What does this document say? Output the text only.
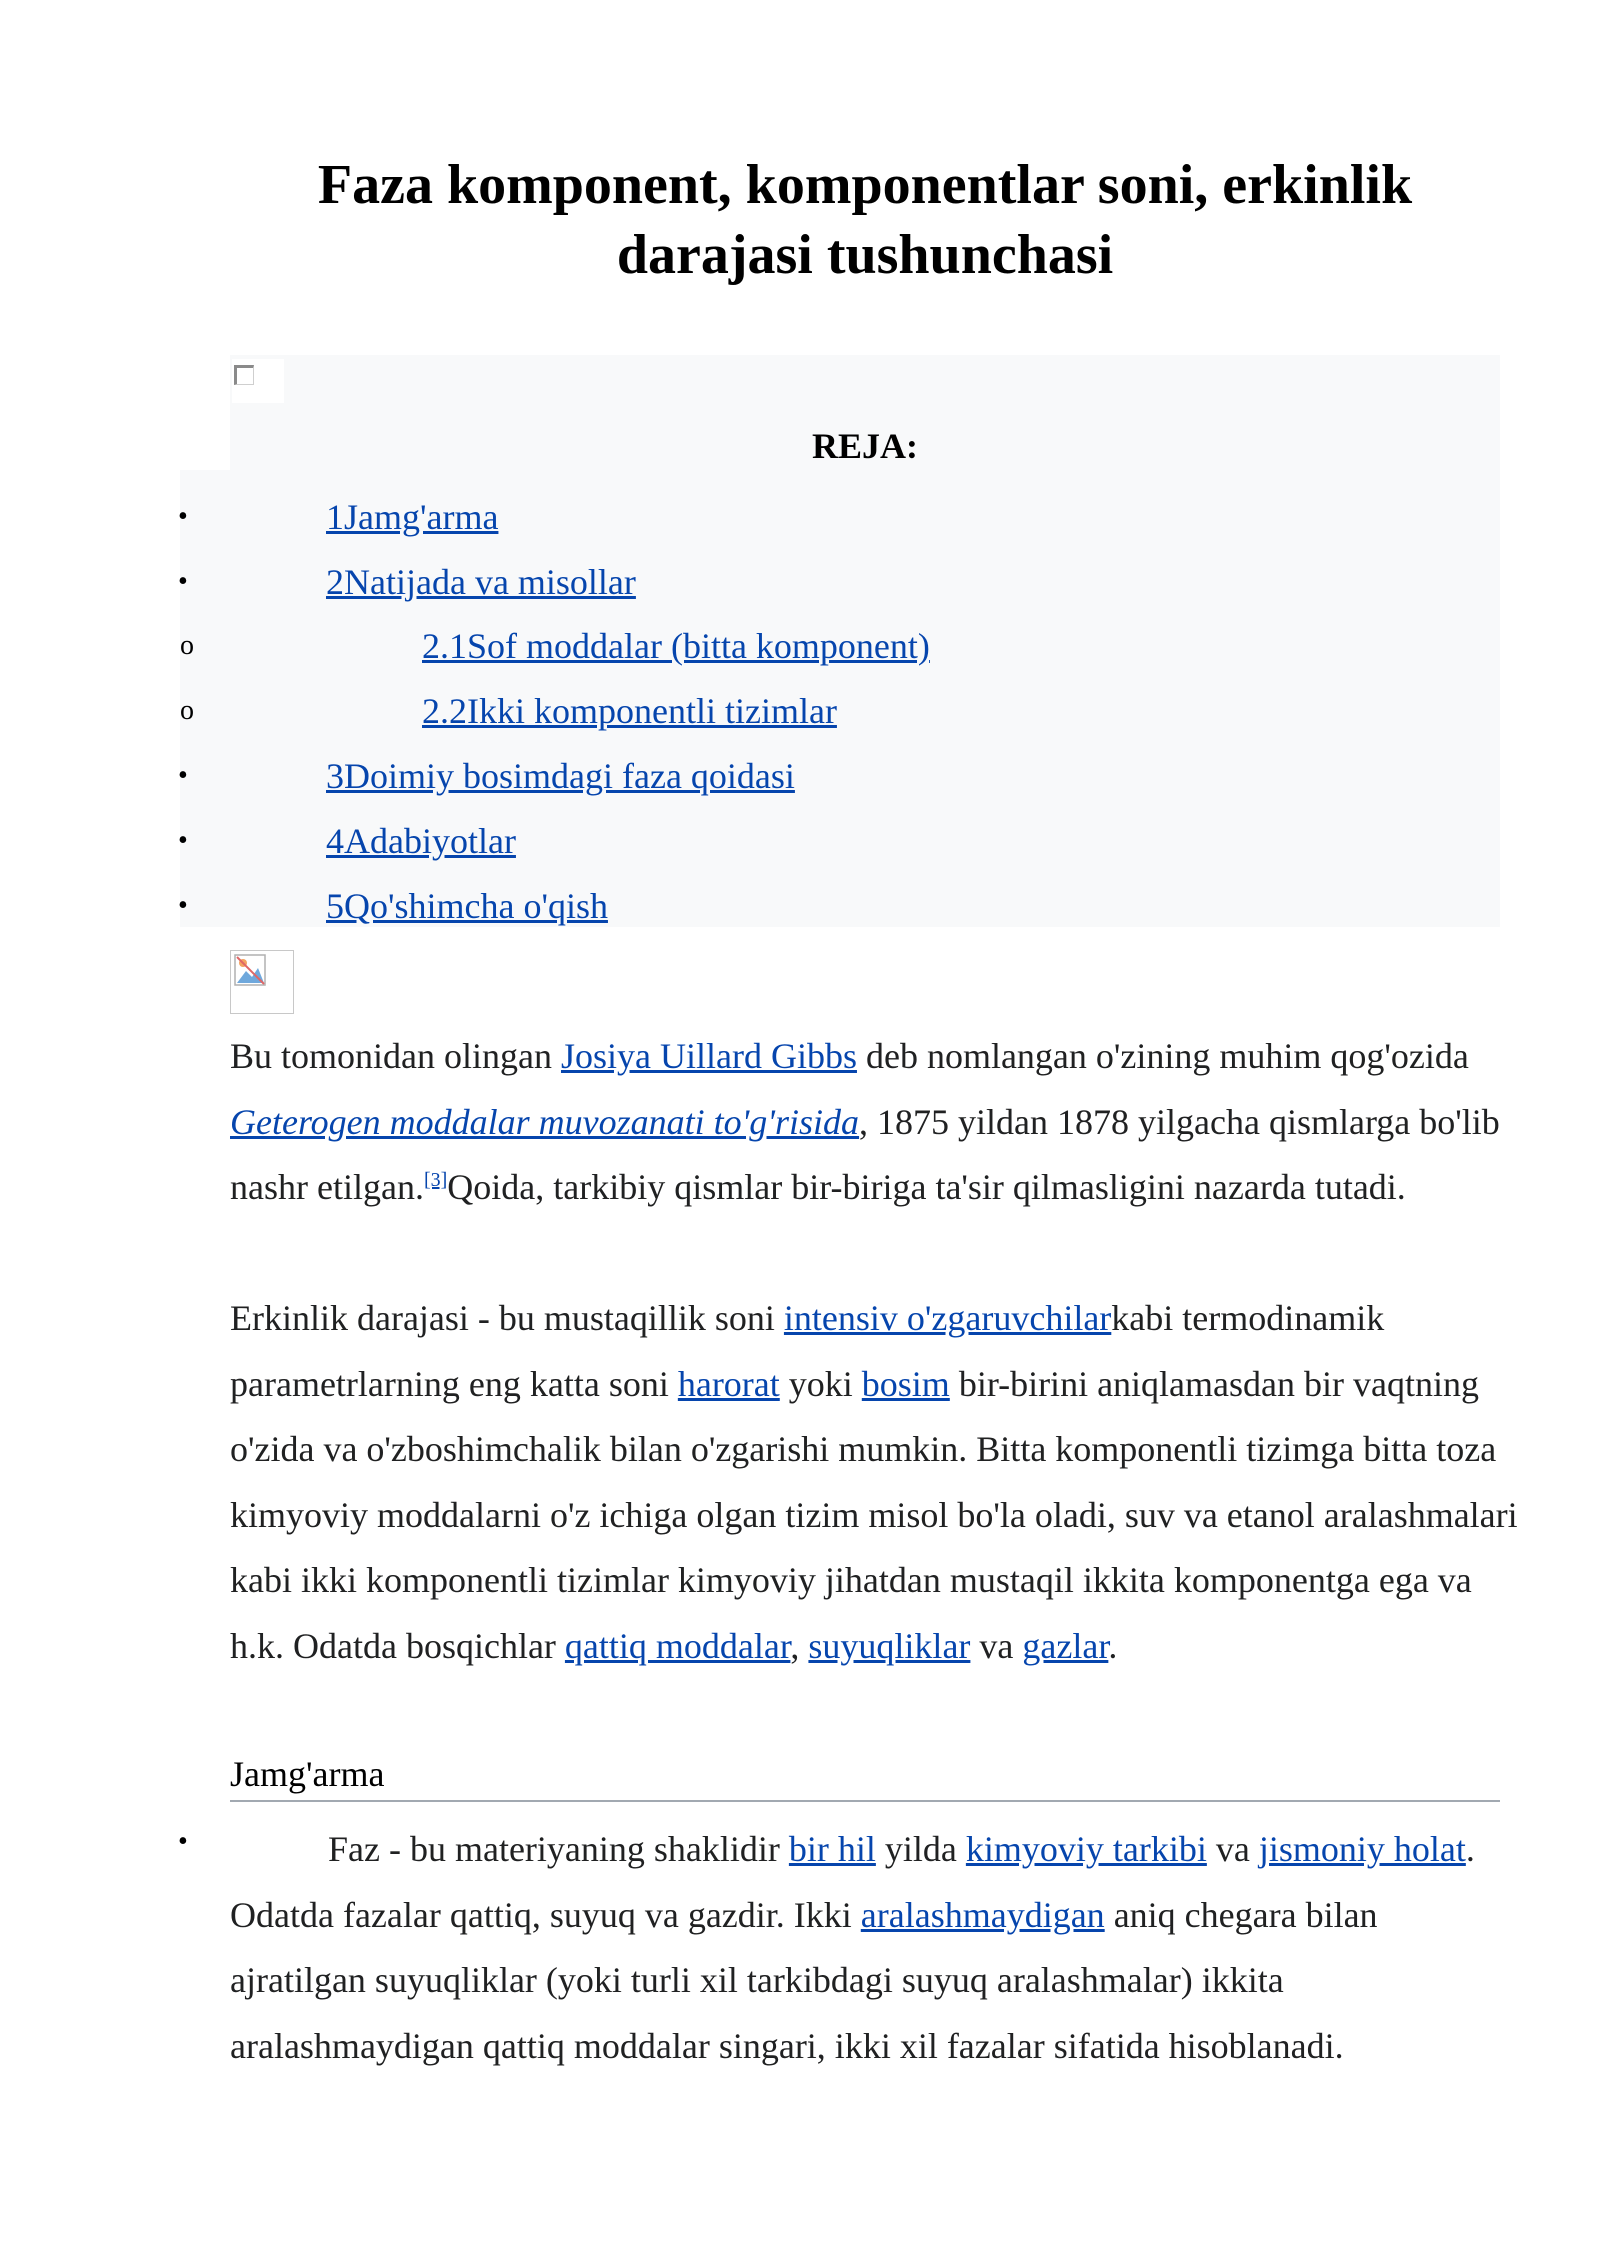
Faza komponent, komponentlar soni, erkinlik darajasi tushunchasi
REJA:
•	1Jamg'arma
•	2Natijada va misollar
o	2.1Sof moddalar (bitta komponent)
o	2.2Ikki komponentli tizimlar
•	3Doimiy bosimdagi faza qoidasi
•	4Adabiyotlar
•	5Qo'shimcha o'qish
Bu tomonidan olingan Josiya Uillard Gibbs deb nomlangan o'zining muhim qog'ozida Geterogen moddalar muvozanati to'g'risida, 1875 yildan 1878 yilgacha qismlarga bo'lib nashr etilgan.[3]Qoida, tarkibiy qismlar bir-biriga ta'sir qilmasligini nazarda tutadi.
Erkinlik darajasi - bu mustaqillik soni intensiv o'zgaruvchilarkabi termodinamik parametrlarning eng katta soni harorat yoki bosim bir-birini aniqlamasdan bir vaqtning o'zida va o'zboshimchalik bilan o'zgarishi mumkin. Bitta komponentli tizimga bitta toza kimyoviy moddalarni o'z ichiga olgan tizim misol bo'la oladi, suv va etanol aralashmalari kabi ikki komponentli tizimlar kimyoviy jihatdan mustaqil ikkita komponentga ega va h.k. Odatda bosqichlar qattiq moddalar, suyuqliklar va gazlar.
Jamg'arma
•	Faz - bu materiyaning shaklidir bir hil yilda kimyoviy tarkibi va jismoniy holat. Odatda fazalar qattiq, suyuq va gazdir. Ikki aralashmaydigan aniq chegara bilan ajratilgan suyuqliklar (yoki turli xil tarkibdagi suyuq aralashmalar) ikkita aralashmaydigan qattiq moddalar singari, ikki xil fazalar sifatida hisoblanadi.
